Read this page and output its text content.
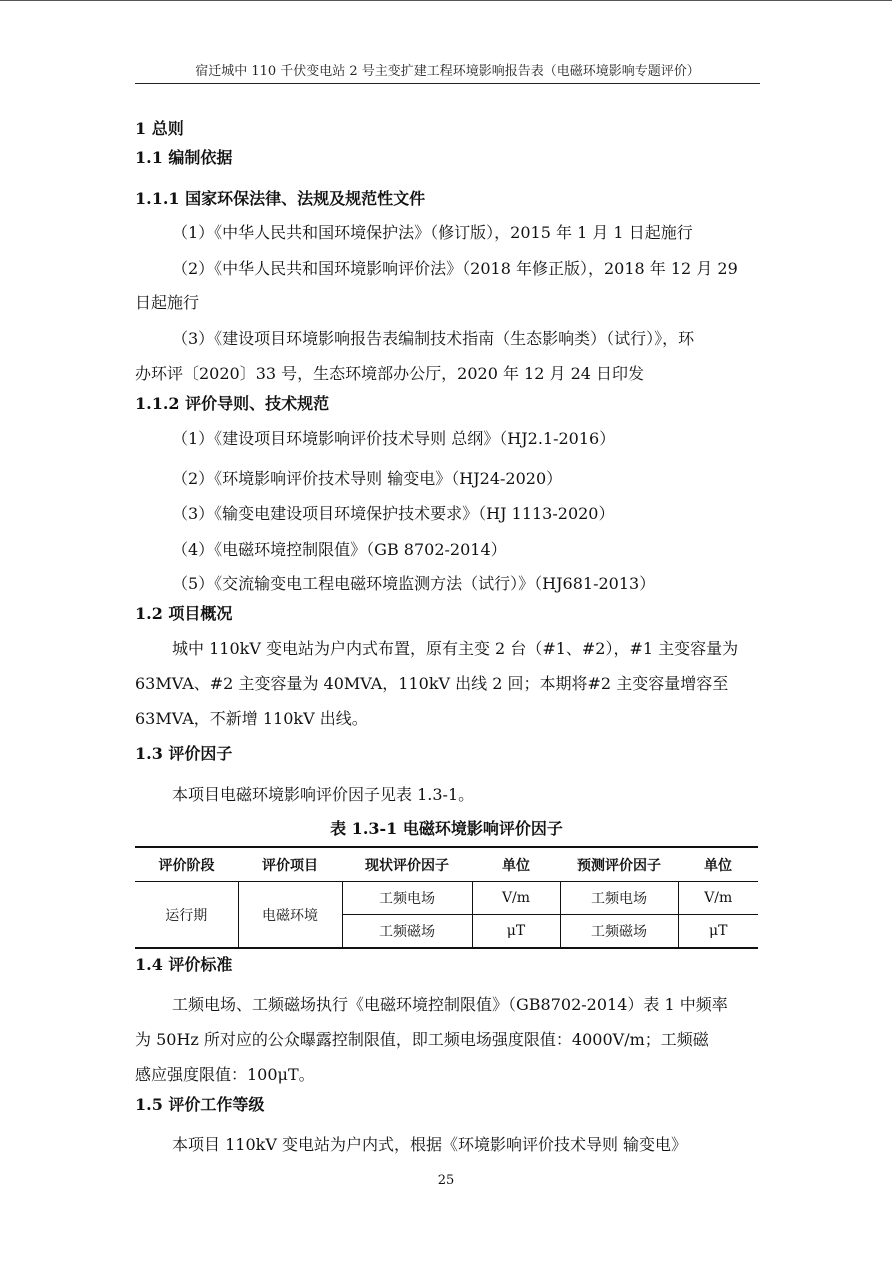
宿迁城中 110 千伏变电站 2 号主变扩建工程环境影响报告表（电磁环境影响专题评价）
1 总则
1.1 编制依据
1.1.1 国家环保法律、法规及规范性文件
（1）《中华人民共和国环境保护法》（修订版），2015 年 1 月 1 日起施行
（2）《中华人民共和国环境影响评价法》（2018 年修正版），2018 年 12 月 29
日起施行
（3）《建设项目环境影响报告表编制技术指南（生态影响类）（试行）》，环
办环评〔2020〕33 号，生态环境部办公厅，2020 年 12 月 24 日印发
1.1.2 评价导则、技术规范
（1）《建设项目环境影响评价技术导则 总纲》（HJ2.1-2016）
（2）《环境影响评价技术导则 输变电》（HJ24-2020）
（3）《输变电建设项目环境保护技术要求》（HJ 1113-2020）
（4）《电磁环境控制限值》（GB 8702-2014）
（5）《交流输变电工程电磁环境监测方法（试行）》（HJ681-2013）
1.2 项目概况
城中 110kV 变电站为户内式布置，原有主变 2 台（#1、#2），#1 主变容量为
63MVA、#2 主变容量为 40MVA，110kV 出线 2 回；本期将#2 主变容量增容至
63MVA，不新增 110kV 出线。
1.3 评价因子
本项目电磁环境影响评价因子见表 1.3-1。
表 1.3-1 电磁环境影响评价因子
评价阶段	评价项目	现状评价因子	单位	预测评价因子	单位
运行期	电磁环境	工频电场	V/m	工频电场	V/m
		工频磁场	μT	工频磁场	μT
1.4 评价标准
工频电场、工频磁场执行《电磁环境控制限值》（GB8702-2014）表 1 中频率
为 50Hz 所对应的公众曝露控制限值，即工频电场强度限值：4000V/m；工频磁
感应强度限值：100μT。
1.5 评价工作等级
本项目 110kV 变电站为户内式，根据《环境影响评价技术导则 输变电》
25
